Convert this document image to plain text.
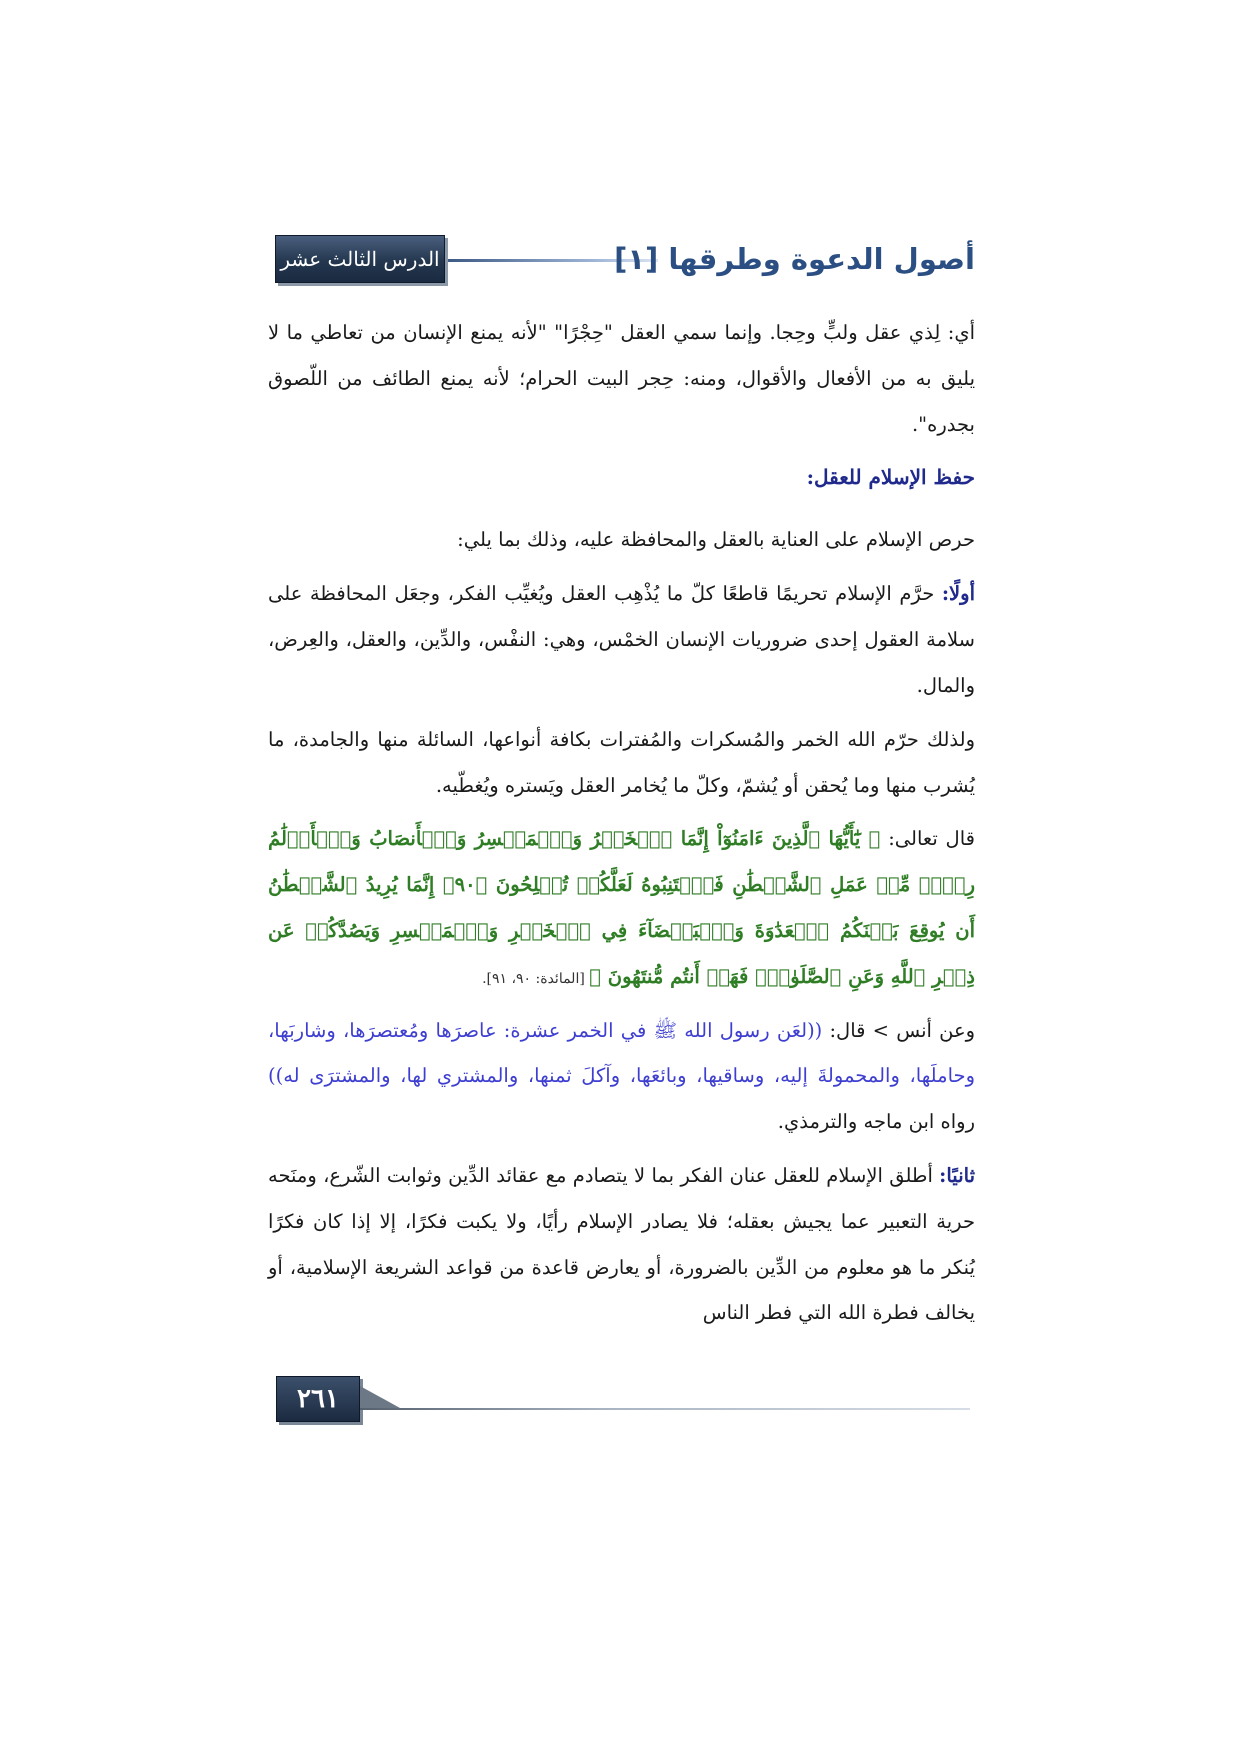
الدرس الثالث عشر	أصول الدعوة وطرقها [١]

أي: لِذي عقل ولبٍّ وحِجا. وإنما سمي العقل "حِجْرًا" "لأنه يمنع الإنسان من تعاطي ما لا يليق به من الأفعال والأقوال، ومنه: حِجر البيت الحرام؛ لأنه يمنع الطائف من اللّصوق بجدره".

حفظ الإسلام للعقل:

حرص الإسلام على العناية بالعقل والمحافظة عليه، وذلك بما يلي:

أولًا: حرَّم الإسلام تحريمًا قاطعًا كلّ ما يُذْهِب العقل ويُغيِّب الفكر، وجعَل المحافظة على سلامة العقول إحدى ضروريات الإنسان الخمْس، وهي: النفْس، والدِّين، والعقل، والعِرض، والمال.

ولذلك حرّم الله الخمر والمُسكرات والمُفترات بكافة أنواعها، السائلة منها والجامدة، ما يُشرب منها وما يُحقن أو يُشمّ، وكلّ ما يُخامر العقل ويَستره ويُغطّيه.

قال تعالى: ﴿ يَٰٓأَيُّهَا ٱلَّذِينَ ءَامَنُوٓاْ إِنَّمَا ٱلۡخَمۡرُ وَٱلۡمَيۡسِرُ وَٱلۡأَنصَابُ وَٱلۡأَزۡلَٰمُ رِجۡسٞ مِّنۡ عَمَلِ ٱلشَّيۡطَٰنِ فَٱجۡتَنِبُوهُ لَعَلَّكُمۡ تُفۡلِحُونَ ﴿٩٠﴾ إِنَّمَا يُرِيدُ ٱلشَّيۡطَٰنُ أَن يُوقِعَ بَيۡنَكُمُ ٱلۡعَدَٰوَةَ وَٱلۡبَغۡضَآءَ فِي ٱلۡخَمۡرِ وَٱلۡمَيۡسِرِ وَيَصُدَّكُمۡ عَن ذِكۡرِ ٱللَّهِ وَعَنِ ٱلصَّلَوٰةِۖ فَهَلۡ أَنتُم مُّنتَهُونَ ﴾ [المائدة: ٩٠، ٩١].

وعن أنس > قال: ((لعَن رسول الله ﷺ في الخمر عشرة: عاصرَها ومُعتصرَها، وشاربَها، وحاملَها، والمحمولةَ إليه، وساقيها، وبائعَها، وآكلَ ثمنها، والمشتري لها، والمشترَى له)) رواه ابن ماجه والترمذي.

ثانيًا: أطلق الإسلام للعقل عنان الفكر بما لا يتصادم مع عقائد الدِّين وثوابت الشّرع، ومنَحه حرية التعبير عما يجيش بعقله؛ فلا يصادر الإسلام رأيًا، ولا يكبت فكرًا، إلا إذا كان فكرًا يُنكر ما هو معلوم من الدِّين بالضرورة، أو يعارض قاعدة من قواعد الشريعة الإسلامية، أو يخالف فطرة الله التي فطر الناس

٢٦١
